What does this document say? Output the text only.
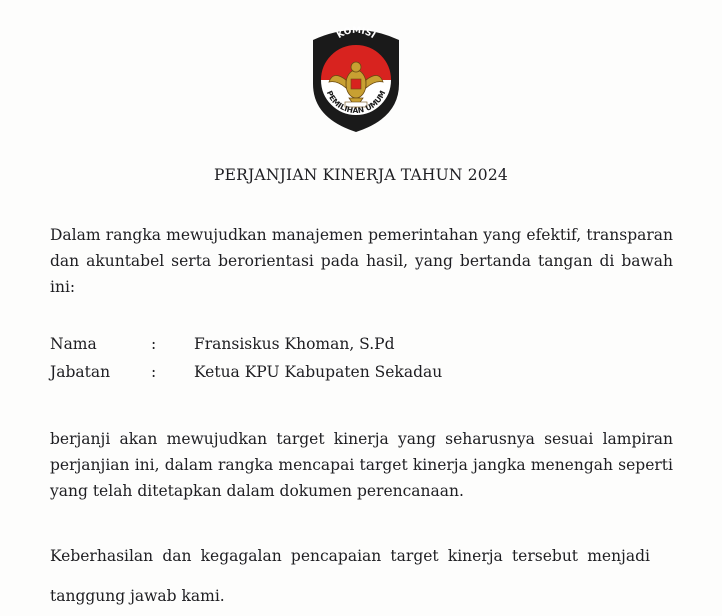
KOMISI
PEMILIHAN UMUM
PERJANJIAN KINERJA TAHUN 2024

Dalam rangka mewujudkan manajemen pemerintahan yang efektif, transparan dan akuntabel serta berorientasi pada hasil, yang bertanda tangan di bawah ini:

Nama	: Fransiskus Khoman, S.Pd
Jabatan	: Ketua KPU Kabupaten Sekadau

berjanji akan mewujudkan target kinerja yang seharusnya sesuai lampiran perjanjian ini, dalam rangka mencapai target kinerja jangka menengah seperti yang telah ditetapkan dalam dokumen perencanaan.

Keberhasilan dan kegagalan pencapaian target kinerja tersebut menjadi tanggung jawab kami.
